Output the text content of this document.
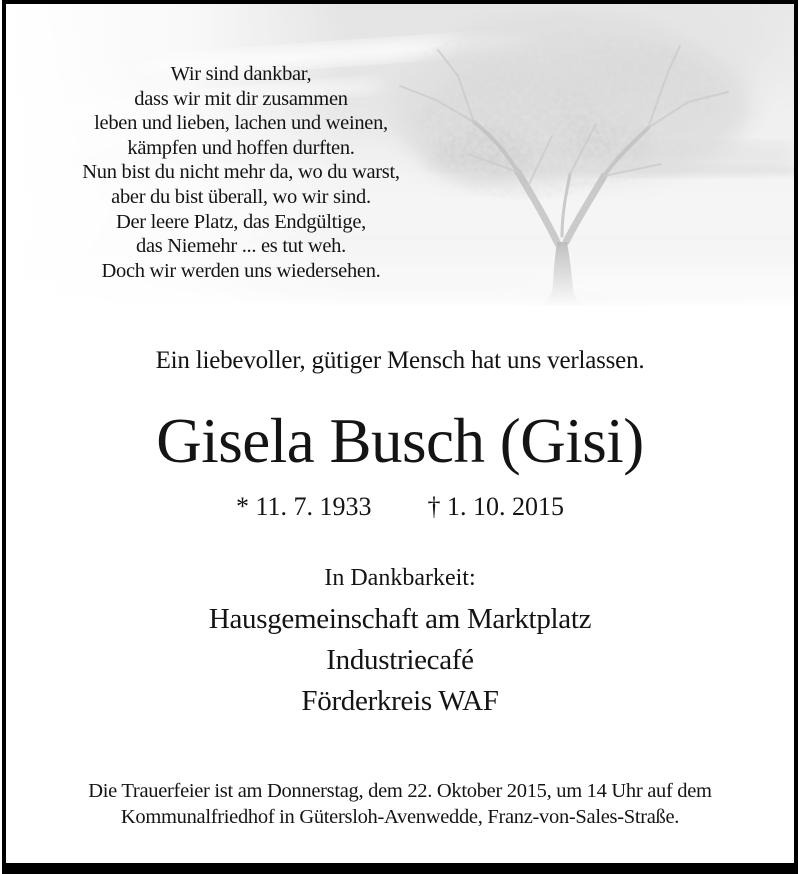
Wir sind dankbar,
dass wir mit dir zusammen
leben und lieben, lachen und weinen,
kämpfen und hoffen durften.
Nun bist du nicht mehr da, wo du warst,
aber du bist überall, wo wir sind.
Der leere Platz, das Endgültige,
das Niemehr ... es tut weh.
Doch wir werden uns wiedersehen.
Ein liebevoller, gütiger Mensch hat uns verlassen.
Gisela Busch (Gisi)
* 11. 7. 1933 † 1. 10. 2015
In Dankbarkeit:
Hausgemeinschaft am Marktplatz
Industriecafé
Förderkreis WAF
Die Trauerfeier ist am Donnerstag, dem 22. Oktober 2015, um 14 Uhr auf dem
Kommunalfriedhof in Gütersloh-Avenwedde, Franz-von-Sales-Straße.
